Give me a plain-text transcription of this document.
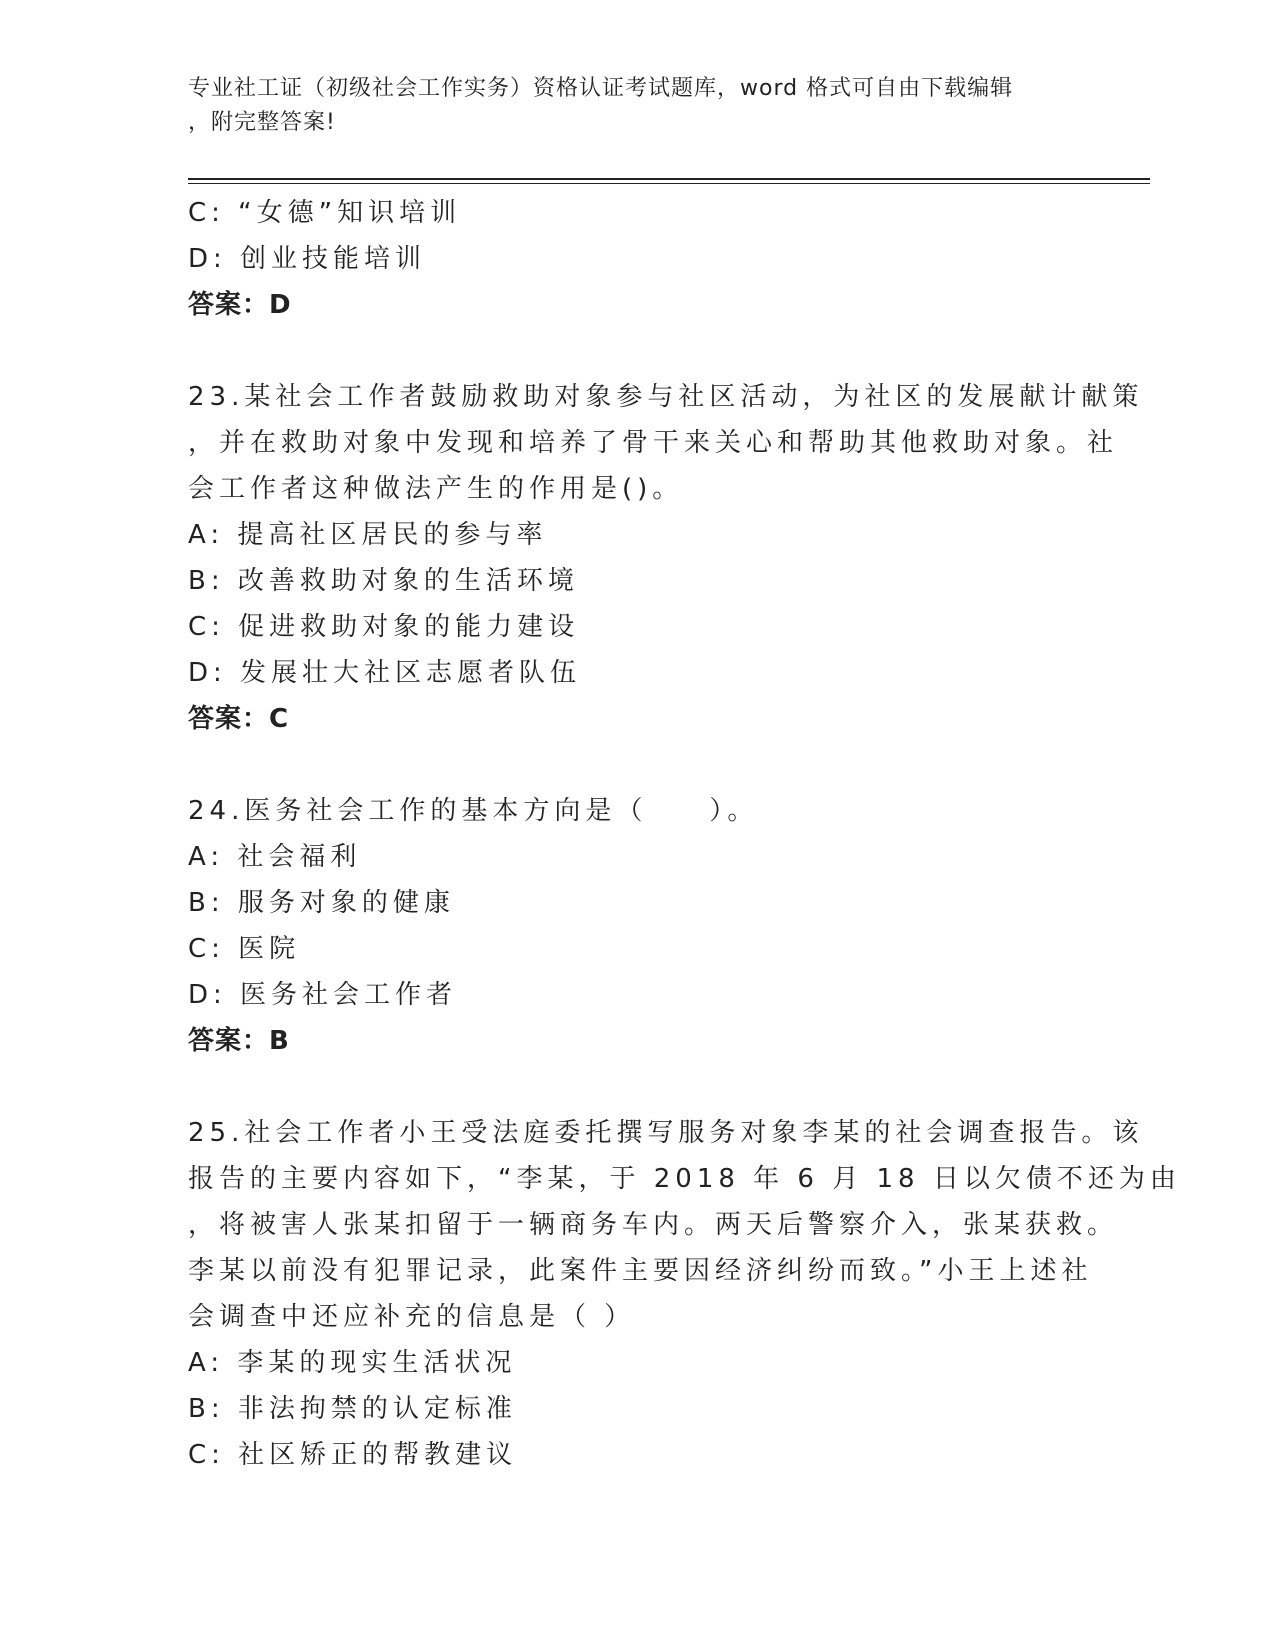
专业社工证（初级社会工作实务）资格认证考试题库，word 格式可自由下载编辑
，附完整答案!
C: “女德”知识培训
D: 创业技能培训
答案：D
23.某社会工作者鼓励救助对象参与社区活动，为社区的发展献计献策
，并在救助对象中发现和培养了骨干来关心和帮助其他救助对象。社
会工作者这种做法产生的作用是()。
A: 提高社区居民的参与率
B: 改善救助对象的生活环境
C: 促进救助对象的能力建设
D: 发展壮大社区志愿者队伍
答案：C
24.医务社会工作的基本方向是（　　）。
A: 社会福利
B: 服务对象的健康
C: 医院
D: 医务社会工作者
答案：B
25.社会工作者小王受法庭委托撰写服务对象李某的社会调查报告。该
报告的主要内容如下，“李某，于 2018 年 6 月 18 日以欠债不还为由
，将被害人张某扣留于一辆商务车内。两天后警察介入，张某获救。
李某以前没有犯罪记录，此案件主要因经济纠纷而致。”小王上述社
会调查中还应补充的信息是（ ）
A: 李某的现实生活状况
B: 非法拘禁的认定标准
C: 社区矫正的帮教建议
